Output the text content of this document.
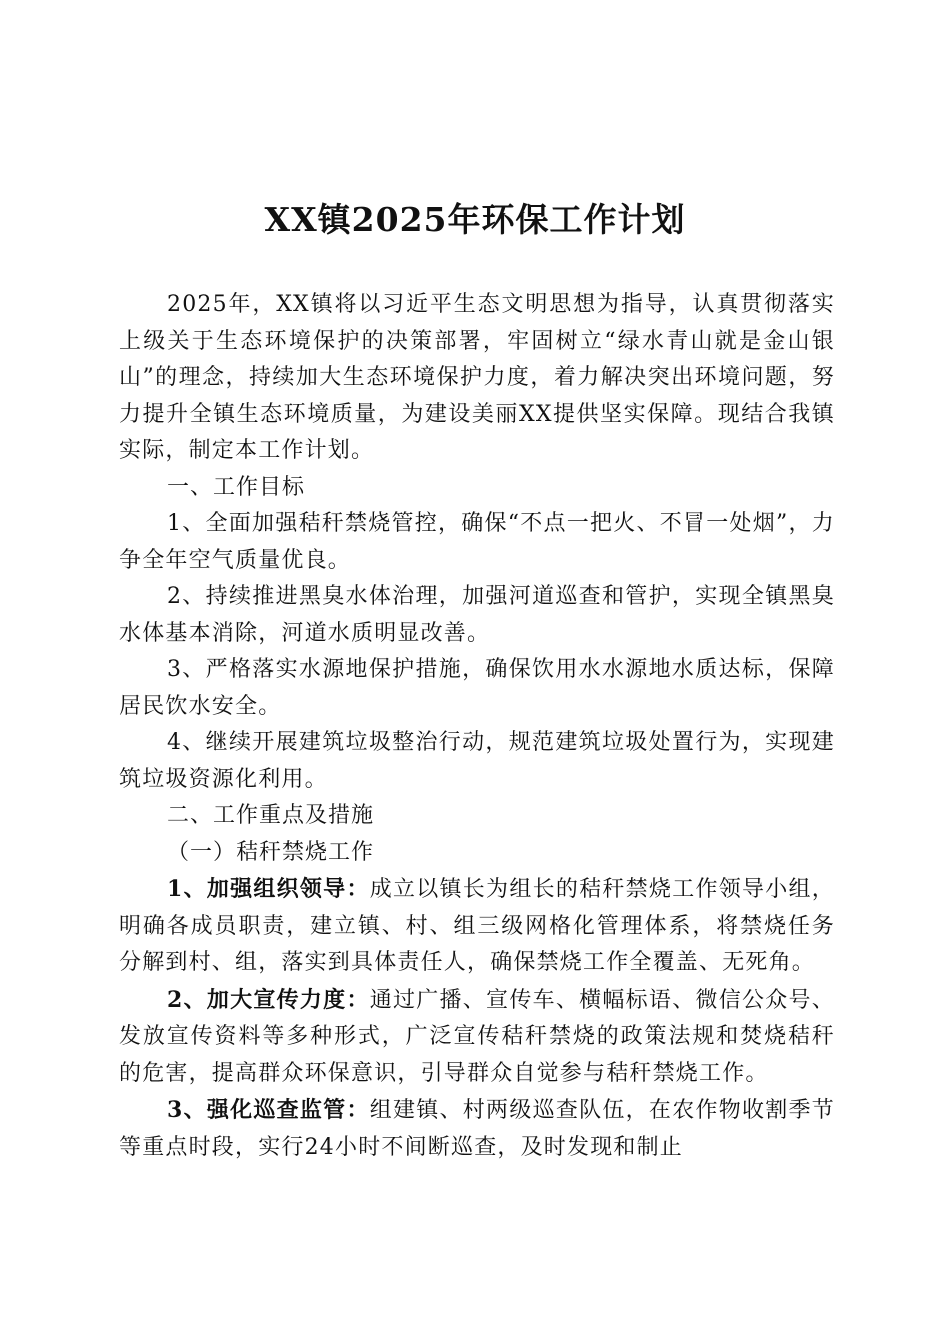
XX镇2025年环保工作计划

2025年，XX镇将以习近平生态文明思想为指导，认真贯彻落实上级关于生态环境保护的决策部署，牢固树立“绿水青山就是金山银山”的理念，持续加大生态环境保护力度，着力解决突出环境问题，努力提升全镇生态环境质量，为建设美丽XX提供坚实保障。现结合我镇实际，制定本工作计划。

一、工作目标

1、全面加强秸秆禁烧管控，确保“不点一把火、不冒一处烟”，力争全年空气质量优良。

2、持续推进黑臭水体治理，加强河道巡查和管护，实现全镇黑臭水体基本消除，河道水质明显改善。

3、严格落实水源地保护措施，确保饮用水水源地水质达标，保障居民饮水安全。

4、继续开展建筑垃圾整治行动，规范建筑垃圾处置行为，实现建筑垃圾资源化利用。

二、工作重点及措施

（一）秸秆禁烧工作

1、加强组织领导：成立以镇长为组长的秸秆禁烧工作领导小组，明确各成员职责，建立镇、村、组三级网格化管理体系，将禁烧任务分解到村、组，落实到具体责任人，确保禁烧工作全覆盖、无死角。

2、加大宣传力度：通过广播、宣传车、横幅标语、微信公众号、发放宣传资料等多种形式，广泛宣传秸秆禁烧的政策法规和焚烧秸秆的危害，提高群众环保意识，引导群众自觉参与秸秆禁烧工作。

3、强化巡查监管：组建镇、村两级巡查队伍，在农作物收割季节等重点时段，实行24小时不间断巡查，及时发现和制止
